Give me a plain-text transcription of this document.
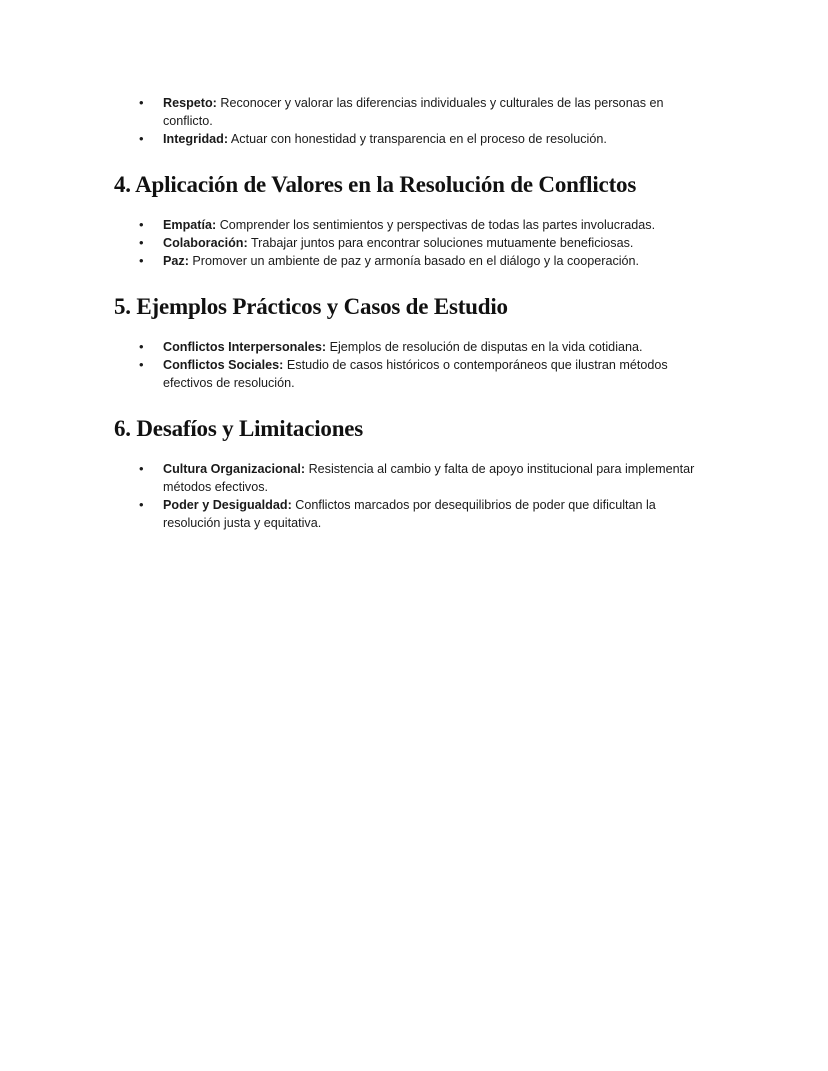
•	Respeto: Reconocer y valorar las diferencias individuales y culturales de las personas en conflicto.
•	Integridad: Actuar con honestidad y transparencia en el proceso de resolución.
4. Aplicación de Valores en la Resolución de Conflictos
•	Empatía: Comprender los sentimientos y perspectivas de todas las partes involucradas.
•	Colaboración: Trabajar juntos para encontrar soluciones mutuamente beneficiosas.
•	Paz: Promover un ambiente de paz y armonía basado en el diálogo y la cooperación.
5. Ejemplos Prácticos y Casos de Estudio
•	Conflictos Interpersonales: Ejemplos de resolución de disputas en la vida cotidiana.
•	Conflictos Sociales: Estudio de casos históricos o contemporáneos que ilustran métodos efectivos de resolución.
6. Desafíos y Limitaciones
•	Cultura Organizacional: Resistencia al cambio y falta de apoyo institucional para implementar métodos efectivos.
•	Poder y Desigualdad: Conflictos marcados por desequilibrios de poder que dificultan la resolución justa y equitativa.
